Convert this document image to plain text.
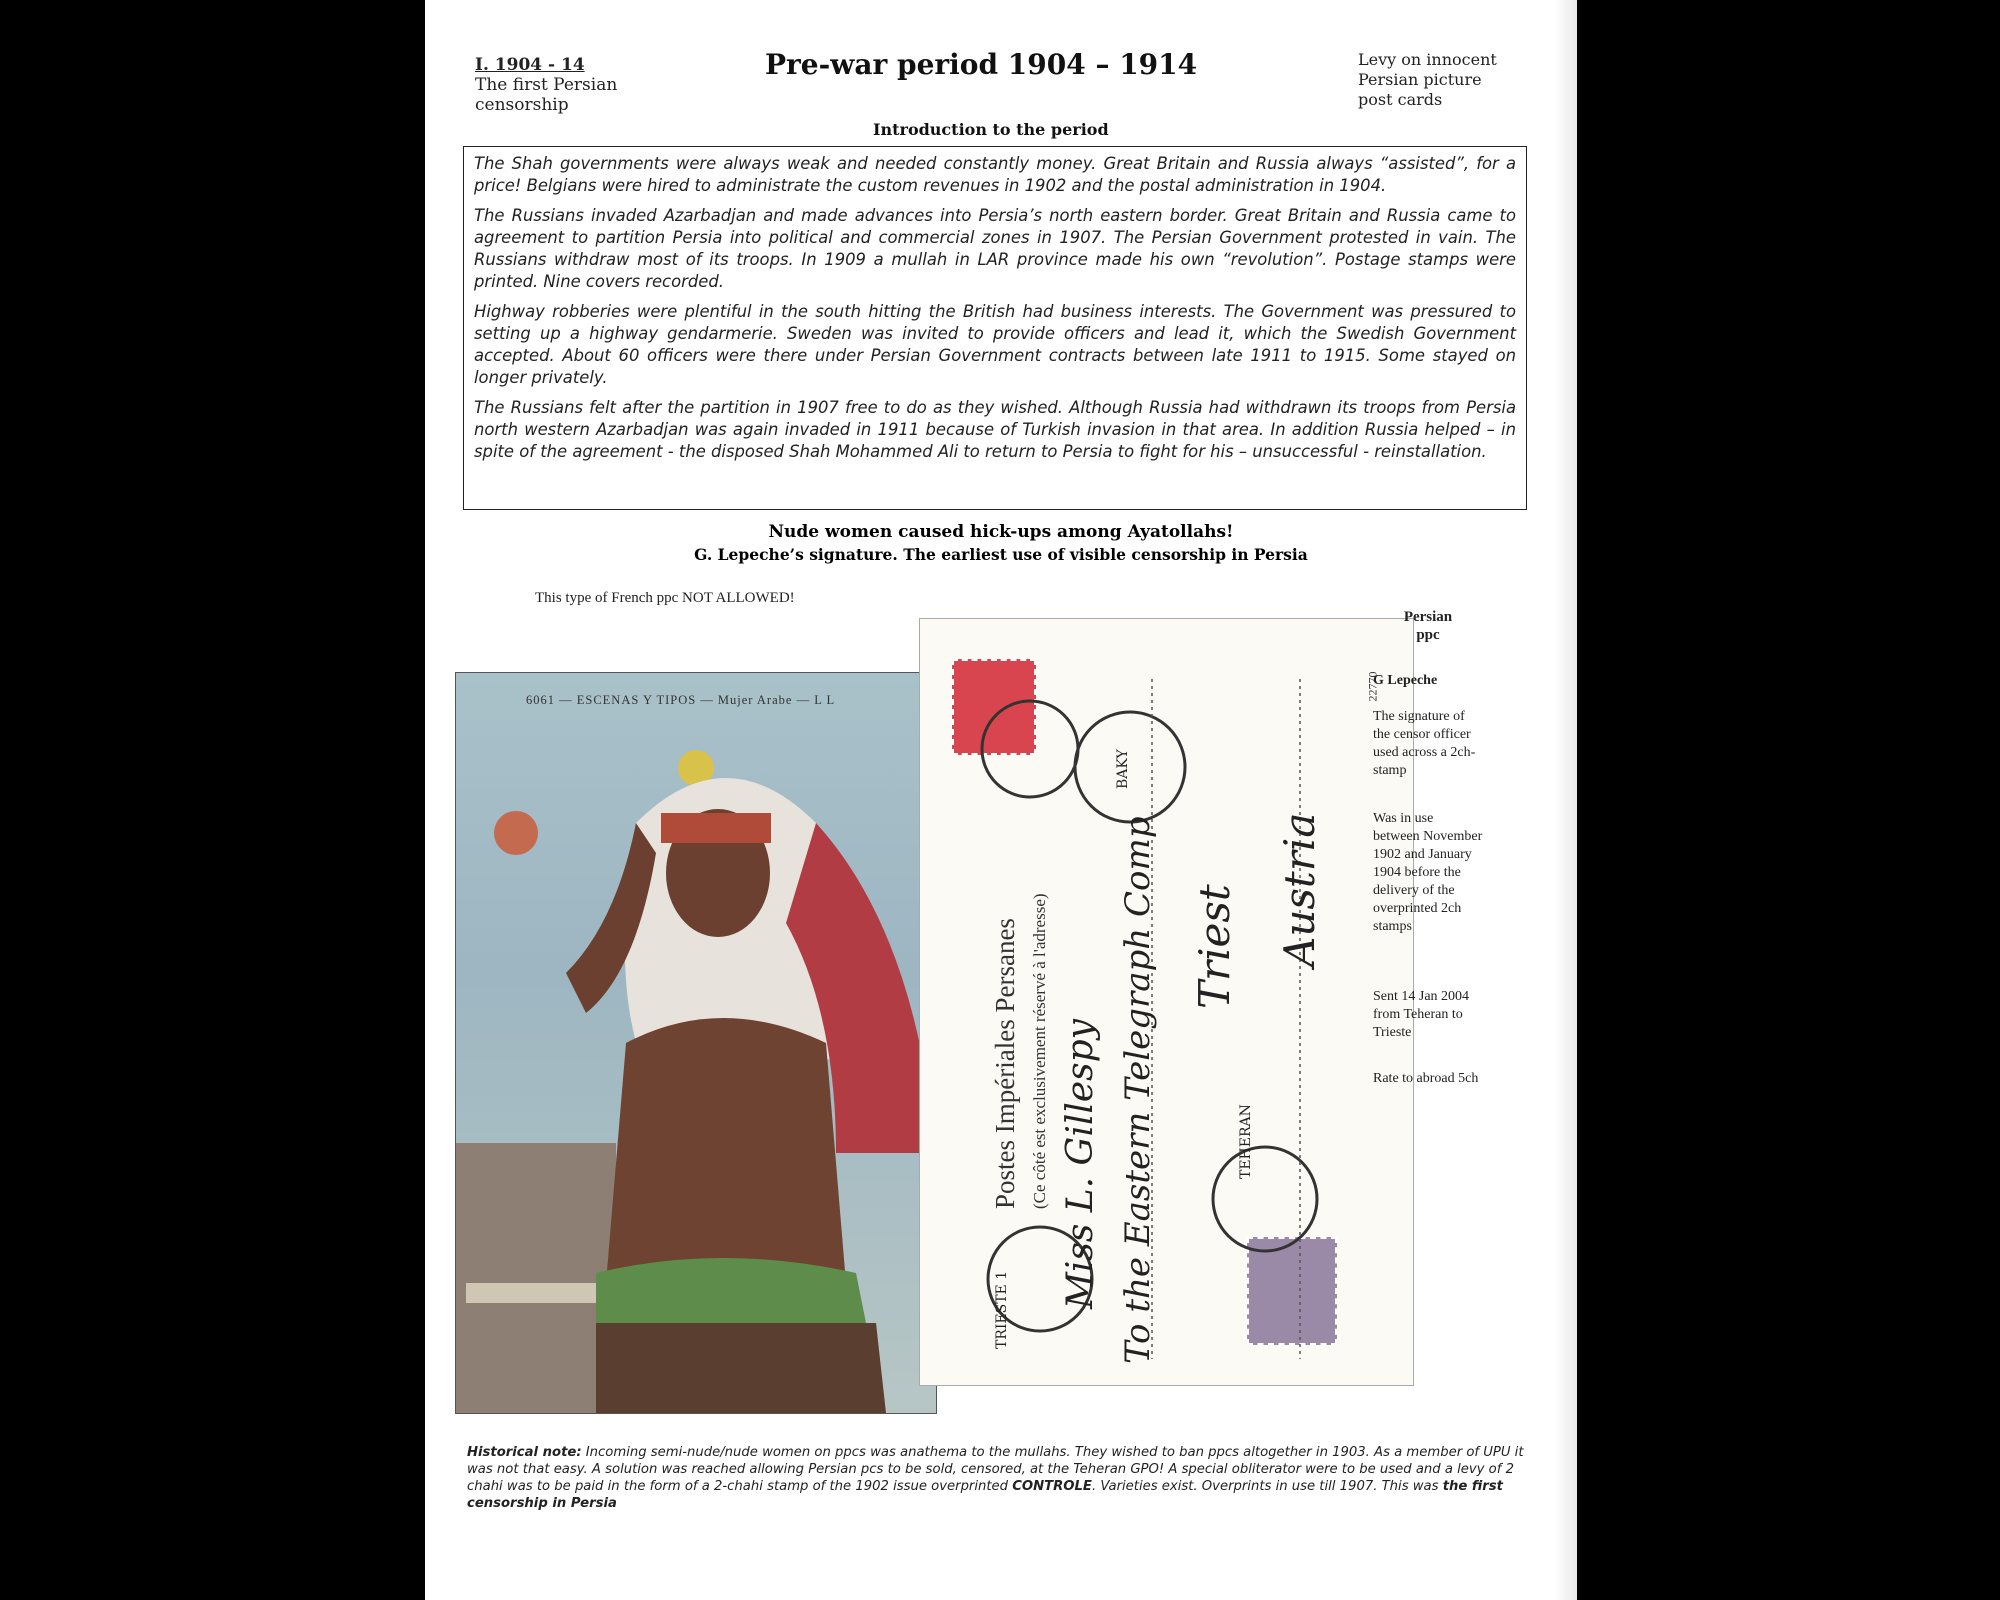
I. 1904 - 14
The first Persian
censorship
Pre-war period 1904 – 1914	Levy on innocent
Persian picture
post cards
Introduction to the period

The Shah governments were always weak and needed constantly money. Great Britain and Russia always “assisted”, for a price! Belgians were hired to administrate the custom revenues in 1902 and the postal administration in 1904.

The Russians invaded Azarbadjan and made advances into Persia’s north eastern border. Great Britain and Russia came to agreement to partition Persia into political and commercial zones in 1907. The Persian Government protested in vain. The Russians withdraw most of its troops. In 1909 a mullah in LAR province made his own “revolution”. Postage stamps were printed. Nine covers recorded.

Highway robberies were plentiful in the south hitting the British had business interests. The Government was pressured to setting up a highway gendarmerie. Sweden was invited to provide officers and lead it, which the Swedish Government accepted. About 60 officers were there under Persian Government contracts between late 1911 to 1915. Some stayed on longer privately.

The Russians felt after the partition in 1907 free to do as they wished. Although Russia had withdrawn its troops from Persia north western Azarbadjan was again invaded in 1911 because of Turkish invasion in that area. In addition Russia helped – in spite of the agreement - the disposed Shah Mohammed Ali to return to Persia to fight for his – unsuccessful - reinstallation.

Nude women caused hick-ups among Ayatollahs!
G. Lepeche’s signature. The earliest use of visible censorship in Persia
This type of French ppc NOT ALLOWED!
6061 — ESCENAS Y TIPOS — Mujer Arabe — L L	22770
Postes Impériales Persanes (Ce côté est exclusivement réservé à l'adresse) Miss L. Gillespy To the Eastern Telegraph Comp Triest Austria
BAKY
TEHERAN
TRIESTE 1
Persian
ppc
G Lepeche
The signature of the censor officer used across a 2ch-stamp
Was in use between November 1902 and January 1904 before the delivery of the overprinted 2ch stamps
Sent 14 Jan 2004 from Teheran to Trieste
Rate to abroad 5ch
Historical note: Incoming semi-nude/nude women on ppcs was anathema to the mullahs. They wished to ban ppcs altogether in 1903. As a member of UPU it was not that easy. A solution was reached allowing Persian pcs to be sold, censored, at the Teheran GPO! A special obliterator were to be used and a levy of 2 chahi was to be paid in the form of a 2-chahi stamp of the 1902 issue overprinted CONTROLE. Varieties exist. Overprints in use till 1907. This was the first censorship in Persia
